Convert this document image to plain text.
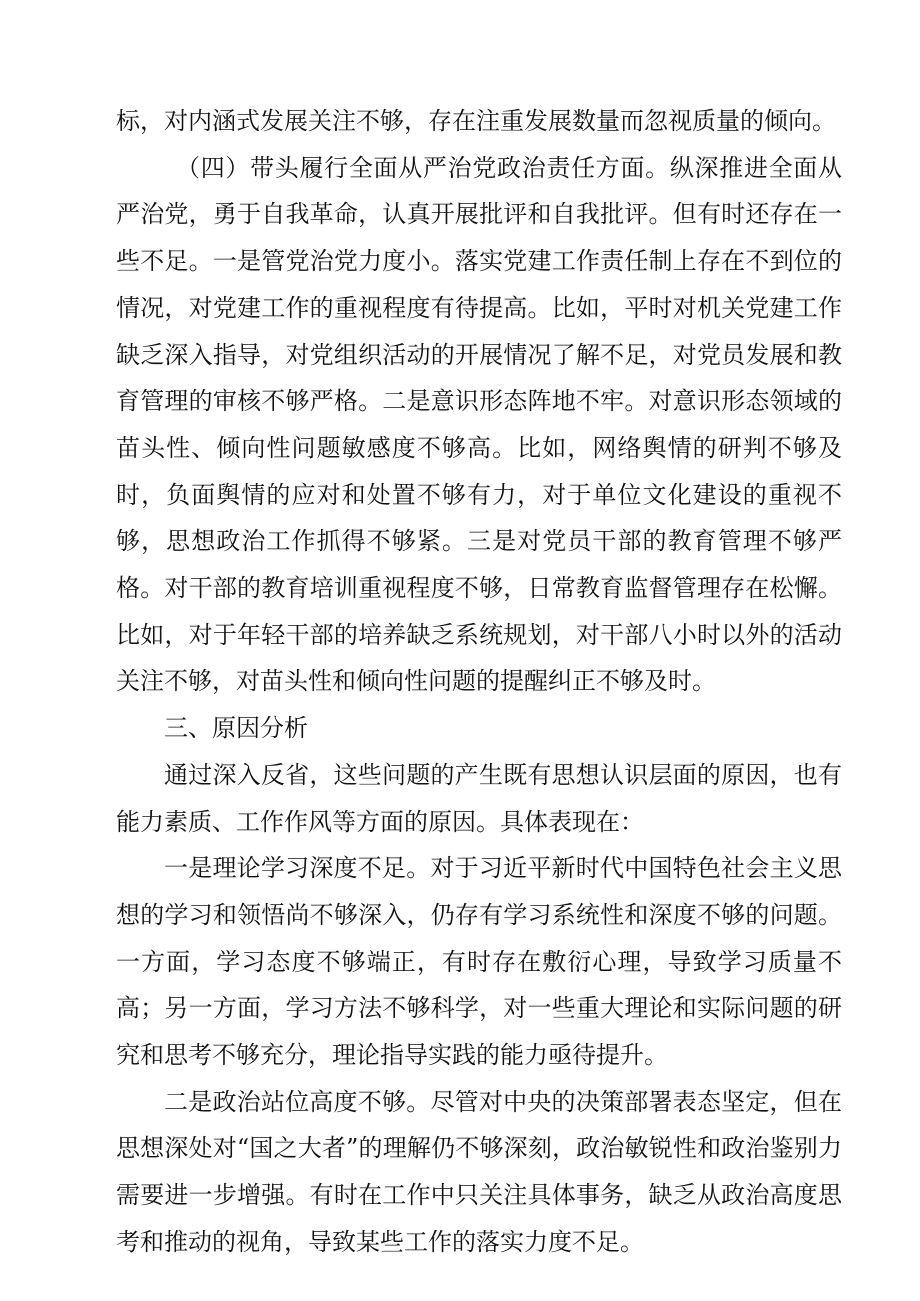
标，对内涵式发展关注不够，存在注重发展数量而忽视质量的倾向。

（四）带头履行全面从严治党政治责任方面。纵深推进全面从严治党，勇于自我革命，认真开展批评和自我批评。但有时还存在一些不足。一是管党治党力度小。落实党建工作责任制上存在不到位的情况，对党建工作的重视程度有待提高。比如，平时对机关党建工作缺乏深入指导，对党组织活动的开展情况了解不足，对党员发展和教育管理的审核不够严格。二是意识形态阵地不牢。对意识形态领域的苗头性、倾向性问题敏感度不够高。比如，网络舆情的研判不够及时，负面舆情的应对和处置不够有力，对于单位文化建设的重视不够，思想政治工作抓得不够紧。三是对党员干部的教育管理不够严格。对干部的教育培训重视程度不够，日常教育监督管理存在松懈。比如，对于年轻干部的培养缺乏系统规划，对干部八小时以外的活动关注不够，对苗头性和倾向性问题的提醒纠正不够及时。

三、原因分析

通过深入反省，这些问题的产生既有思想认识层面的原因，也有能力素质、工作作风等方面的原因。具体表现在：

一是理论学习深度不足。对于习近平新时代中国特色社会主义思想的学习和领悟尚不够深入，仍存有学习系统性和深度不够的问题。一方面，学习态度不够端正，有时存在敷衍心理，导致学习质量不高；另一方面，学习方法不够科学，对一些重大理论和实际问题的研究和思考不够充分，理论指导实践的能力亟待提升。

二是政治站位高度不够。尽管对中央的决策部署表态坚定，但在思想深处对“国之大者”的理解仍不够深刻，政治敏锐性和政治鉴别力需要进一步增强。有时在工作中只关注具体事务，缺乏从政治高度思考和推动的视角，导致某些工作的落实力度不足。
